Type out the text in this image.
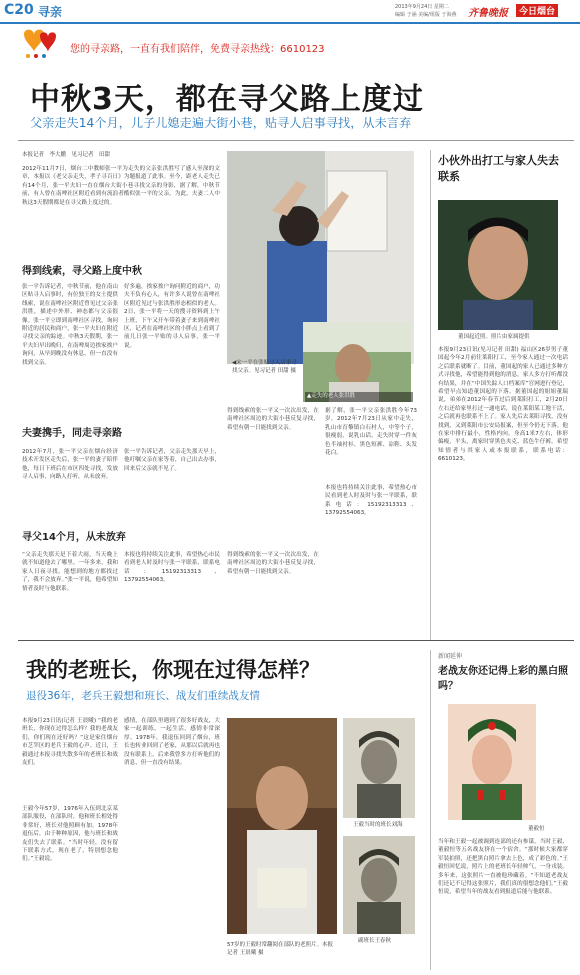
C20 寻亲	2013年9月24日 星期二
编辑 于涵 美编/组版 于海燕 齐鲁晚报	今日烟台
您的寻亲路，一直有我们陪伴，免费寻亲热线：6610123
中秋3天，都在寻父路上度过
父亲走失14个月，儿子儿媳走遍大街小巷，贴寻人启事寻找，从未言弃
本报记者　李大鹏　见习记者　田甜
2012年11月7日，烟台二中教师张一平为走失的父亲张洪胜写了感人至深的文章，本报以《老父亲走失，孝子寻百日》为题报道了此事。至今，距老人走失已有14个月，张一平夫妇一直在烟台大街小巷寻找父亲的身影，据了解，中秋节前，有人曾在南啤社区附近看到有流浪者酷似张一平的父亲，为此，夫妻二人中秋这3天假期都是在寻父路上度过的。
◀宋一平在张贴寻人启事寻找父亲。见习记者 田甜 摄
▲走失的老人张洪胜
得到线索，寻父路上度中秋
张一平告诉记者，中秋节前，他在南山区贴寻人启事时，有位独王的女士提供线索，说在南啤社区附近曾见过父亲张洪胜，描述中外形、神态都与父亲很像。张一平立即到南啤社区寻找，询问附近的居民和商户，张一平夫妇在附近寻找父亲的踪迹。中秋3天假期，张一平夫妇早出晚归，在南啤周边挨家挨户询问，从早到晚没有休息，但一直没有找到父亲。
好多遍，挨家挨户询问附近的商户，功夫不负有心人，有许多人说曾在南啤社区附近见过与张洪胜形态相似的老人。2日，张一平将一天的搜寻资料到上午上班，下午又开车带着妻子来到南啤社区，记者在南啤社区的小胖点上看到了前几日张一平贴的寻人启事，张一平说。
夫妻携手，同走寻亲路
2012年7月，张一平父亲在烟台经济技术开发区走失后，张一平的妻子陪伴他，每日下班后在市区四处寻找，发放寻人启事，向路人打听，从未放弃。
张一平告诉记者，父亲走失那天早上，他叮嘱父亲在家等着，自己出去办事，回来后父亲就不见了。
得到线索的张一平又一次次出发，在南啤社区周边的大街小巷反复寻找，希望有朝一日能找到父亲。
据了解，张一平父亲张洪胜今年73岁，2012年7月23日从家中走失，乳山市育黎镇白石村人，中等个子，很瘦弱，说乳山话，走失时穿一件灰色半袖衬衫、黑色短裤、凉鞋、头发花白。
寻父14个月，从未放弃
“父亲走失那天是下着大雨，当天晚上就不知道他去了哪里。一年多来，我和家人日夜寻找，能想到的地方都找过了，我不会放弃。”张一平说，他希望知情者及时与他联系。
本报也将持续关注此事，希望热心市民看到老人时及时与张一平联系，联系电话：15192313313、13792554063。
得到线索的张一平又一次次出发，在南啤社区周边的大街小巷反复寻找，希望有朝一日能找到父亲。
本报也将持续关注此事，希望热心市民看到老人时及时与张一平联系，联系电话：15192313313、13792554063。
小伙外出打工与家人失去联系
董国起近照。照片由家属提供
本报9月23日讯(见习记者 田甜) 福山区26岁男子董国起今年2月前往莱阳打工，至今家人通过一次电话之后联系就断了。目前，董国起的家人已通过多种方式寻找他，希望能得到他的消息，家人多方打听都没有结果，并在“中国失踪人口档案库”官网进行登记，希望早点知道董国起的下落。据董国起的姐姐董瑞说，弟弟在2012年春节过后到莱阳打工，2月20日左右还给家里打过一通电话，说在莱阳某工地干活，之后就再也联系不上了。家人先后去莱阳寻找，没有找到，又到莱阳市公安局报案，但至今仍无下落。他在家中排行最小，性格内向，身高1米7左右，体形偏瘦，平头，离家时穿黑色夹克、蓝色牛仔裤。希望知情者与其家人或本报联系，联系电话：6610123。
我的老班长，你现在过得怎样？
退役36年，老兵王毅想和班长、战友们重续战友情
本报9月23日讯(记者 王晨曦) “我的老班长，你现在过得怎么样？我的老战友们，你们现在还好吗？”这是家住烟台市芝罘区的老兵王毅的心声。近日，王毅通过本报寻找失散多年的老班长和战友们。
王毅今年57岁，1976年入伍到北京某部队服役，在部队时，他和班长相处得非常好，班长对他照顾有加。1978年退伍后，由于种种原因，他与班长和战友们失去了联系。“当时年轻，没有留下联系方式，现在老了，特别想念他们。”王毅说。
感情，在部队里遇到了很多好战友，大家一起训练，一起生活，感情非常深厚。1978年，我退伍回到了烟台，班长也转业回到了老家，从那以后就再也没有联系上。后来我曾多方打听他们的消息，但一直没有结果。
57岁的王毅时常翻阅在部队的老照片。本报记者 王晨曦 摄
王毅当时的班长刘海
副班长王春秋
新闻延伸
老战友你还记得上彩的黑白照吗？
董毅恒
当年和王毅一起被调到连部的还有参谋，当时王毅、董毅恒等五名战友挤在一个宿舍。“那时候大家都穿军装拍照，还把黑白照片拿去上色，成了彩色的。”王毅恒回忆说，照片上的老班长年轻帅气，一身戎装。多年来，这张照片一直被他珍藏着。“不知道老战友们还记不记得这张照片，我们真的很想念他们。”王毅恒说，希望当年的战友看到报道后能与他联系。
